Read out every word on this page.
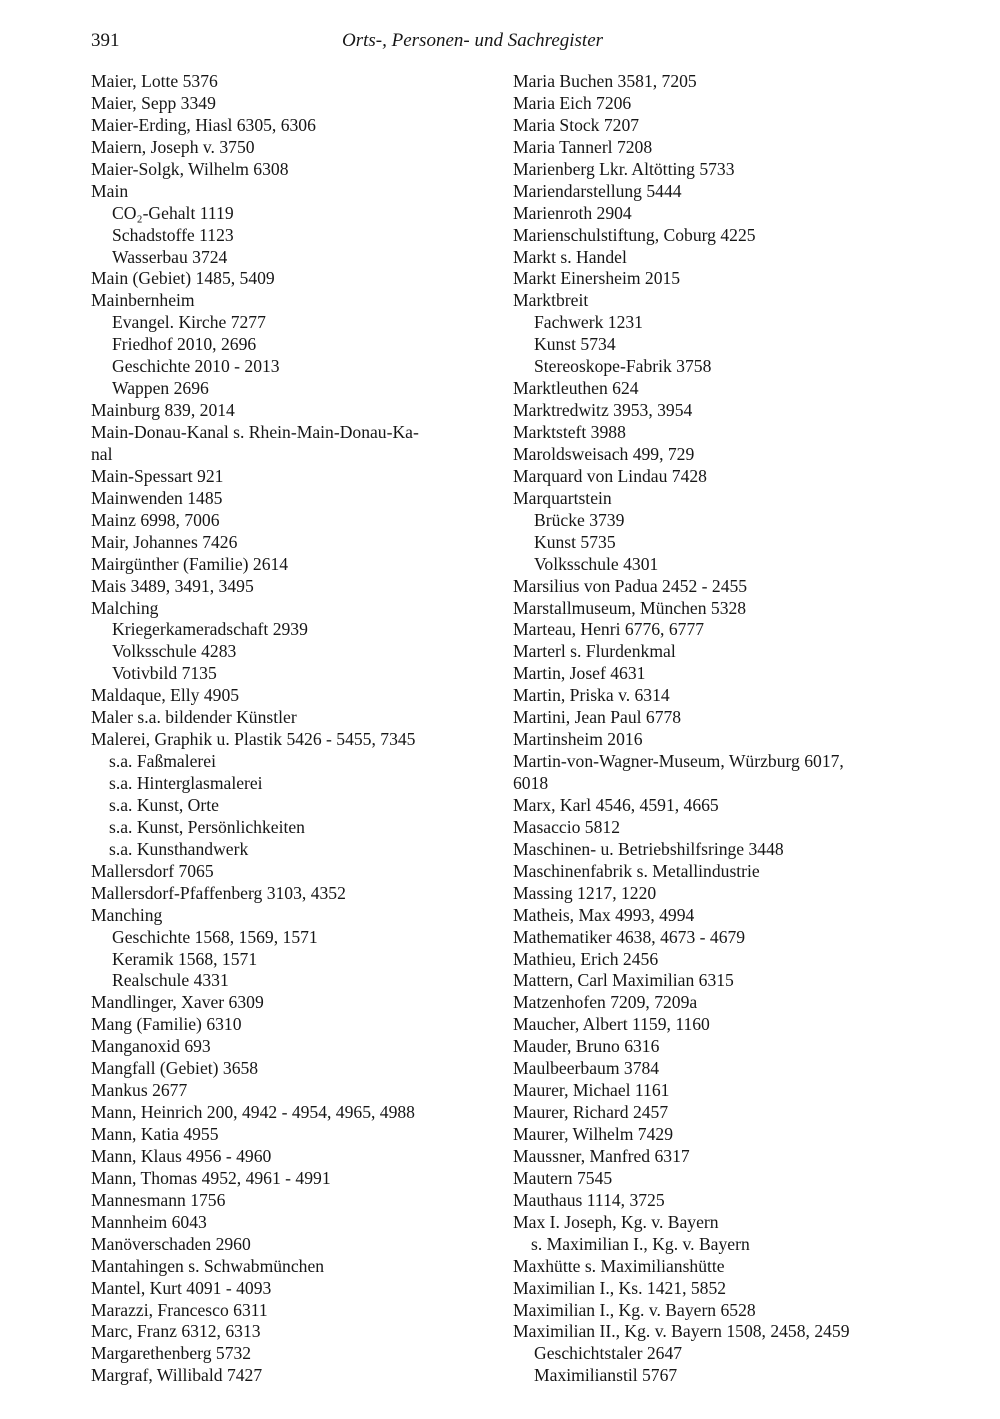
391	Orts-, Personen- und Sachregister
Maier, Lotte 5376
Maier, Sepp 3349
Maier-Erding, Hiasl 6305, 6306
Maiern, Joseph v. 3750
Maier-Solgk, Wilhelm 6308
Main
CO₂-Gehalt 1119
Schadstoffe 1123
Wasserbau 3724
Main (Gebiet) 1485, 5409
Mainbernheim
Evangel. Kirche 7277
Friedhof 2010, 2696
Geschichte 2010 - 2013
Wappen 2696
Mainburg 839, 2014
Main-Donau-Kanal s. Rhein-Main-Donau-Ka-
nal
Main-Spessart 921
Mainwenden 1485
Mainz 6998, 7006
Mair, Johannes 7426
Mairgünther (Familie) 2614
Mais 3489, 3491, 3495
Malching
Kriegerkameradschaft 2939
Volksschule 4283
Votivbild 7135
Maldaque, Elly 4905
Maler s.a. bildender Künstler
Malerei, Graphik u. Plastik 5426 - 5455, 7345
s.a. Faßmalerei
s.a. Hinterglasmalerei
s.a. Kunst, Orte
s.a. Kunst, Persönlichkeiten
s.a. Kunsthandwerk
Mallersdorf 7065
Mallersdorf-Pfaffenberg 3103, 4352
Manching
Geschichte 1568, 1569, 1571
Keramik 1568, 1571
Realschule 4331
Mandlinger, Xaver 6309
Mang (Familie) 6310
Manganoxid 693
Mangfall (Gebiet) 3658
Mankus 2677
Mann, Heinrich 200, 4942 - 4954, 4965, 4988
Mann, Katia 4955
Mann, Klaus 4956 - 4960
Mann, Thomas 4952, 4961 - 4991
Mannesmann 1756
Mannheim 6043
Manöverschaden 2960
Mantahingen s. Schwabmünchen
Mantel, Kurt 4091 - 4093
Marazzi, Francesco 6311
Marc, Franz 6312, 6313
Margarethenberg 5732
Margraf, Willibald 7427
Maria Buchen 3581, 7205
Maria Eich 7206
Maria Stock 7207
Maria Tannerl 7208
Marienberg Lkr. Altötting 5733
Mariendarstellung 5444
Marienroth 2904
Marienschulstiftung, Coburg 4225
Markt s. Handel
Markt Einersheim 2015
Marktbreit
Fachwerk 1231
Kunst 5734
Stereoskope-Fabrik 3758
Marktleuthen 624
Marktredwitz 3953, 3954
Marktsteft 3988
Maroldsweisach 499, 729
Marquard von Lindau 7428
Marquartstein
Brücke 3739
Kunst 5735
Volksschule 4301
Marsilius von Padua 2452 - 2455
Marstallmuseum, München 5328
Marteau, Henri 6776, 6777
Marterl s. Flurdenkmal
Martin, Josef 4631
Martin, Priska v. 6314
Martini, Jean Paul 6778
Martinsheim 2016
Martin-von-Wagner-Museum, Würzburg 6017,
6018
Marx, Karl 4546, 4591, 4665
Masaccio 5812
Maschinen- u. Betriebshilfsringe 3448
Maschinenfabrik s. Metallindustrie
Massing 1217, 1220
Matheis, Max 4993, 4994
Mathematiker 4638, 4673 - 4679
Mathieu, Erich 2456
Mattern, Carl Maximilian 6315
Matzenhofen 7209, 7209a
Maucher, Albert 1159, 1160
Mauder, Bruno 6316
Maulbeerbaum 3784
Maurer, Michael 1161
Maurer, Richard 2457
Maurer, Wilhelm 7429
Maussner, Manfred 6317
Mautern 7545
Mauthaus 1114, 3725
Max I. Joseph, Kg. v. Bayern
s. Maximilian I., Kg. v. Bayern
Maxhütte s. Maximilianshütte
Maximilian I., Ks. 1421, 5852
Maximilian I., Kg. v. Bayern 6528
Maximilian II., Kg. v. Bayern 1508, 2458, 2459
Geschichtstaler 2647
Maximilianstil 5767
